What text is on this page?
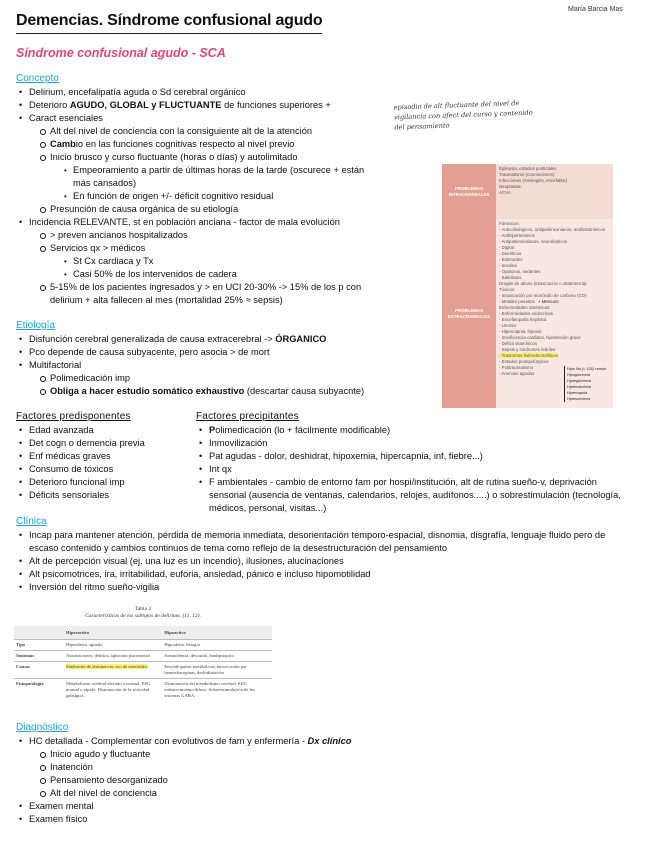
María Barcia Mas
Demencias. Síndrome confusional agudo
Síndrome confusional agudo - SCA
Concepto
• Delirium, encefalipatía aguda o Sd cerebral orgánico
• Deterioro AGUDO, GLOBAL y FLUCTUANTE de funciones superiores +
• Caract esenciales
Alt del nivel de conciencia con la consiguiente alt de la atención
Cambio en las funciones cognitivas respecto al nivel previo
Inicio brusco y curso fluctuante (horas o días) y autolimitado
• Empeoramiento a partir de últimas horas de la tarde (oscurece + están
más cansados)
• En función de origen +/- déficit cognitivo residual
Presunción de causa orgánica de su etiología
• Incidencia RELEVANTE, st en población anciana - factor de mala evolución
> preven ancianos hospitalizados
Servicios qx > médicos
• St Cx cardiaca y Tx
• Casi 50% de los intervenidos de cadera
5-15% de los pacientes ingresados y > en UCI 20-30% -> 15% de los p con
delirium + alta fallecen al mes (mortalidad 25% ≈ sepsis)
episodio de alt fluctuante del nivel de vigilancia con afect del curso y contenido del pensamiento
PROBLEMAS INTRACRANEALES
Epilepsia, estados postictales
Traumatismo (conmociones)
Infecciones (meningitis, encefalitis)
Neoplasias
ACVA
PROBLEMAS EXTRACRANEALES
Fármacos:
- Anticolinérgicos, antiparkinsonianos, antihistamínicos
- Antihipertensivos
- Antiparkinsonianos, neurolépticos
- Digital
- Diuréticos
- Esteroides
- Insulina
- Opiáceos, sedantes
- Salicilatos
Drogas de abuso (intoxicación o abstinencia)
Tóxicos:
- Intoxicación por monóxido de carbono (CO)
- Metales pesados + Mercurio
Enfermedades sistémicas:
- Enfermedades endocrinas
- Encefalopatía hepática
- Uremia
- Hipercapnia, hipoxia
- Insuficiencia cardiaca, hipotensión grave
- Déficit vitamínicos
- Sepsis y síndromes febriles
- Trastornos hidroelectrolíticos
- Estados postquirúrgicos
- Politraumatismo
- Anemias agudas
Hipo Na (< 135) común
Hipoglucemia
Hiperglucemia
Hipercalcemia
Hipercapnia
Hiperuricemia
Etiología
• Disfunción cerebral generalizada de causa extracerebral -> ÓRGANICO
• Pco depende de causa subyacente, pero asocia > de mort
• Multifactorial
Polimedicación imp
Obliga a hacer estudio somático exhaustivo (descartar causa subyacnte)
Factores predisponentes
• Edad avanzada
• Det cogn o demencia previa
• Enf médicas graves
• Consumo de tóxicos
• Deterioro funcional imp
• Déficits sensoriales
Factores precipitantes
• Polimedicación (lo + fácilmente modificable)
• Inmovilización
• Pat agudas - dolor, deshidrat, hipoxemia, hipercapnia, inf, fiebre...)
• Int qx
• F ambientales - cambio de entorno fam por hospi/institución, alt de rutina sueño-v, deprivación sensorial (ausencia de ventanas, calendarios, relojes, audífonos.....) o sobrestimulación (tecnología, médicos, personal, visitas...)
Clínica
• Incap para mantener atención, pérdida de memoria inmediata, desorientación temporo-espacial, disnomia, disgrafía, lenguaje fluido pero de escaso contenido y cambios continuos de tema como reflejo de la desestructuración del pensamiento
• Alt de percepción visual (ej. una luz es un incendio), ilusiones, alucinaciones
• Alt psicomotrices, ira, irritabilidad, euforia, ansiedad, pánico e incluso hipomotilidad
• Inversión del ritmo sueño-vigilia
Tabla 2
Características de los subtipos de delirium. (11, 12).
	Hiperactivo	Hipoactivo
Tipo	Hiperalerta, agitado	Hipoalerta, letargia
Síntomas	Alucinaciones, delirios, agitación psicomotriz	Somnolencia, descuido, bradipsiquico
Causas	Síndromes de abstinencia, uso de esteroides.	Encefalopatías metabólicas, intoxicación por benzodiacepinas, deshidratación
Fisiopatología	Metabolismo cerebral elevado o normal. EEG normal o rápido. Disminución de la actividad gabalgica.	Disminución del metabolismo cerebral. EEG enlentecimiento difuso. Sobreestimulación de los sistemas GABA.
Diagnóstico
• HC detallada - Complementar con evolutivos de fam y enfermería - Dx clínico
Inicio agudo y fluctuante
Inatención
Pensamiento desorganizado
Alt del nivel de conciencia
• Examen mental
• Examen físico
